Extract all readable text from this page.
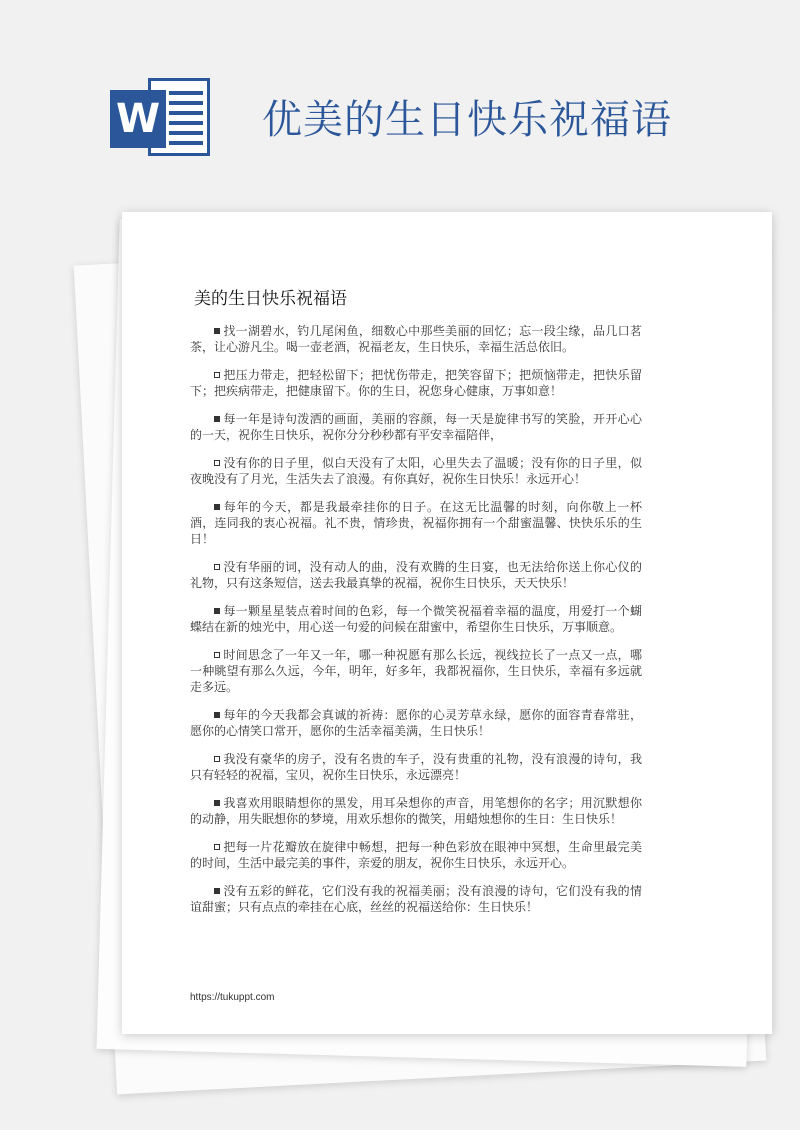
W	优美的生日快乐祝福语
美的生日快乐祝福语

找一湖碧水，钓几尾闲鱼，细数心中那些美丽的回忆；忘一段尘缘，品几口茗茶，让心游凡尘。喝一壶老酒，祝福老友，生日快乐，幸福生活总依旧。

把压力带走，把轻松留下；把忧伤带走，把笑容留下；把烦恼带走，把快乐留下；把疾病带走，把健康留下。你的生日，祝您身心健康，万事如意！

每一年是诗句泼洒的画面，美丽的容颜，每一天是旋律书写的笑脸，开开心心的一天，祝你生日快乐，祝你分分秒秒都有平安幸福陪伴，

没有你的日子里，似白天没有了太阳，心里失去了温暖；没有你的日子里，似夜晚没有了月光，生活失去了浪漫。有你真好，祝你生日快乐！永远开心！

每年的今天，都是我最牵挂你的日子。在这无比温馨的时刻，向你敬上一杯酒，连同我的衷心祝福。礼不贵，情珍贵，祝福你拥有一个甜蜜温馨、快快乐乐的生日！

没有华丽的词，没有动人的曲，没有欢腾的生日宴，也无法给你送上你心仪的礼物，只有这条短信，送去我最真挚的祝福，祝你生日快乐，天天快乐！

每一颗星星装点着时间的色彩，每一个微笑祝福着幸福的温度，用爱打一个蝴蝶结在新的烛光中，用心送一句爱的问候在甜蜜中，希望你生日快乐，万事顺意。

时间思念了一年又一年，哪一种祝愿有那么长远，视线拉长了一点又一点，哪一种眺望有那么久远，今年，明年，好多年，我都祝福你，生日快乐，幸福有多远就走多远。

每年的今天我都会真诚的祈祷：愿你的心灵芳草永绿，愿你的面容青春常驻，愿你的心情笑口常开，愿你的生活幸福美满，生日快乐！

我没有豪华的房子，没有名贵的车子，没有贵重的礼物，没有浪漫的诗句，我只有轻轻的祝福，宝贝，祝你生日快乐，永远漂亮！

我喜欢用眼睛想你的黑发，用耳朵想你的声音，用笔想你的名字；用沉默想你的动静，用失眠想你的梦境，用欢乐想你的微笑，用蜡烛想你的生日：生日快乐！

把每一片花瓣放在旋律中畅想，把每一种色彩放在眼神中冥想，生命里最完美的时间，生活中最完美的事件，亲爱的朋友，祝你生日快乐，永远开心。

没有五彩的鲜花，它们没有我的祝福美丽；没有浪漫的诗句，它们没有我的情谊甜蜜；只有点点的牵挂在心底，丝丝的祝福送给你：生日快乐！

https://tukuppt.com
